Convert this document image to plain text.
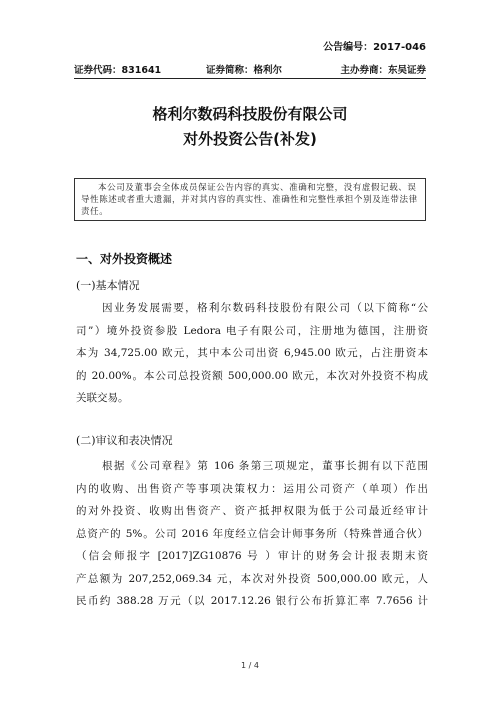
公告编号：2017-046
证券代码：831641	证券简称：格利尔	主办券商：东吴证券
格利尔数码科技股份有限公司
对外投资公告(补发)
本公司及董事会全体成员保证公告内容的真实、准确和完整，没有虚假记载、误导性陈述或者重大遗漏，并对其内容的真实性、准确性和完整性承担个别及连带法律责任。
一、对外投资概述
(一)基本情况
因业务发展需要，格利尔数码科技股份有限公司（以下简称“公
司”）境外投资参股 Ledora 电子有限公司，注册地为德国，注册资
本为 34,725.00 欧元，其中本公司出资 6,945.00 欧元，占注册资本
的 20.00%。本公司总投资额 500,000.00 欧元，本次对外投资不构成
关联交易。
(二)审议和表决情况
根据《公司章程》第 106 条第三项规定，董事长拥有以下范围
内的收购、出售资产等事项决策权力：运用公司资产（单项）作出
的对外投资、收购出售资产、资产抵押权限为低于公司最近经审计
总资产的 5%。公司 2016 年度经立信会计师事务所（特殊普通合伙）
（信会师报字 [2017]ZG10876 号 ）审计的财务会计报表期末资
产总额为 207,252,069.34 元，本次对外投资 500,000.00 欧元，人
民币约 388.28 万元（以 2017.12.26 银行公布折算汇率 7.7656 计
1 / 4
